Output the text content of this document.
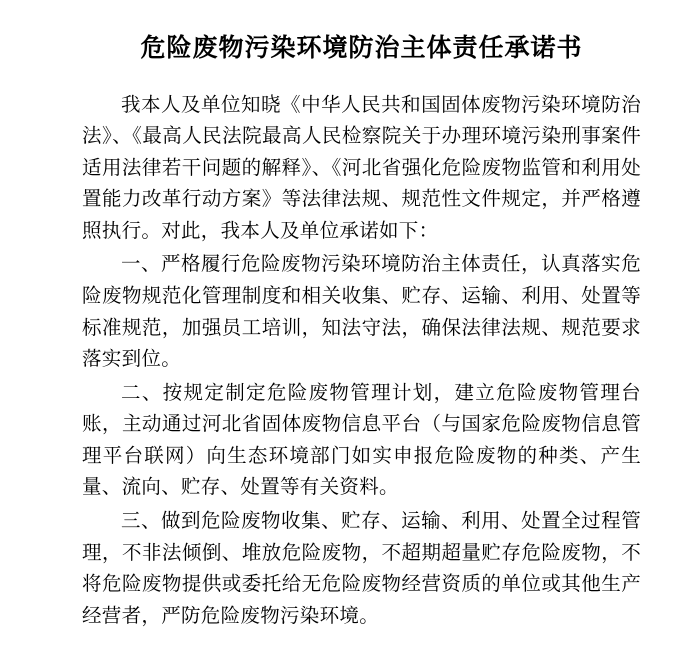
危险废物污染环境防治主体责任承诺书

我本人及单位知晓《中华人民共和国固体废物污染环境防治法》、《最高人民法院最高人民检察院关于办理环境污染刑事案件适用法律若干问题的解释》、《河北省强化危险废物监管和利用处置能力改革行动方案》等法律法规、规范性文件规定，并严格遵照执行。对此，我本人及单位承诺如下：

一、严格履行危险废物污染环境防治主体责任，认真落实危险废物规范化管理制度和相关收集、贮存、运输、利用、处置等标准规范，加强员工培训，知法守法，确保法律法规、规范要求落实到位。

二、按规定制定危险废物管理计划，建立危险废物管理台账，主动通过河北省固体废物信息平台（与国家危险废物信息管理平台联网）向生态环境部门如实申报危险废物的种类、产生量、流向、贮存、处置等有关资料。

三、做到危险废物收集、贮存、运输、利用、处置全过程管理，不非法倾倒、堆放危险废物，不超期超量贮存危险废物，不将危险废物提供或委托给无危险废物经营资质的单位或其他生产经营者，严防危险废物污染环境。
